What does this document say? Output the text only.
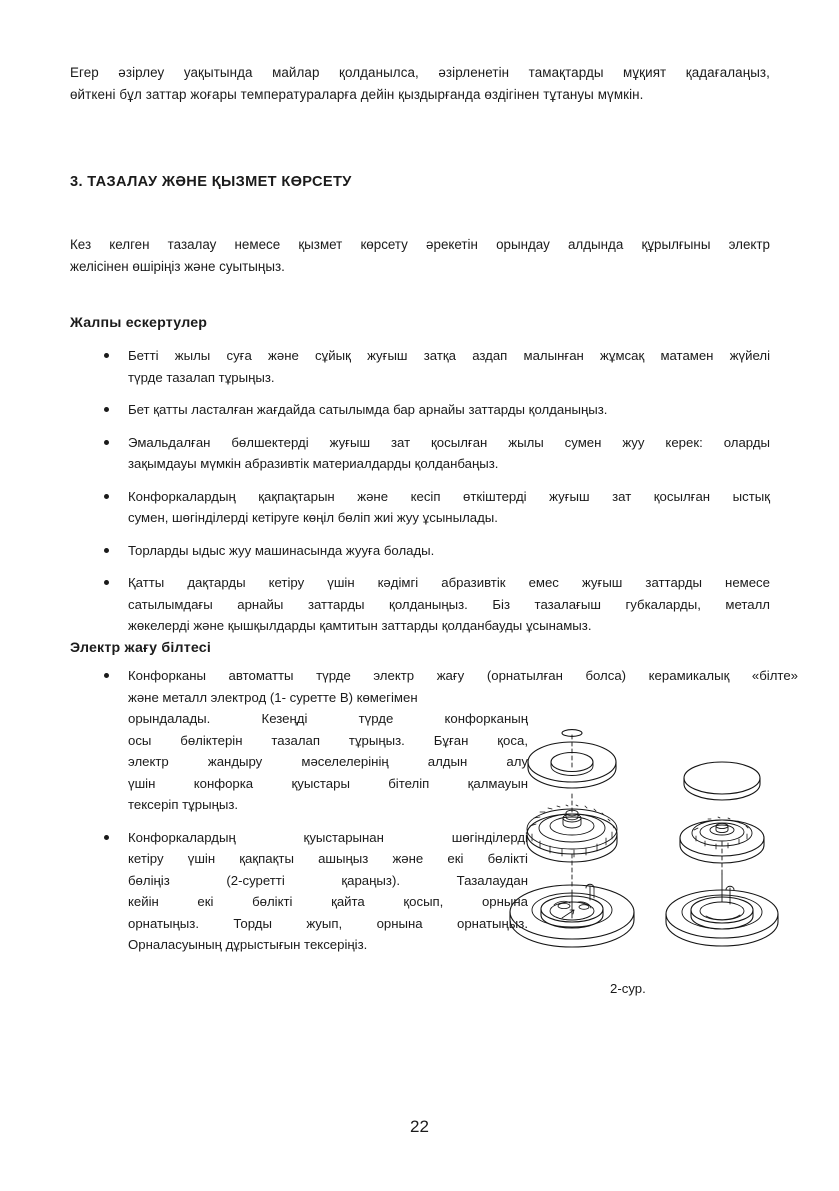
Егер әзірлеу уақытында майлар қолданылса, әзірленетін тамақтарды мұқият қадағалаңыз,
өйткені бұл заттар жоғары температураларға дейін қыздырғанда өздігінен тұтануы мүмкін.
3. ТАЗАЛАУ ЖӘНЕ ҚЫЗМЕТ КӨРСЕТУ
Кез келген тазалау немесе қызмет көрсету әрекетін орындау алдында құрылғыны электр
желісінен өшіріңіз және суытыңыз.
Жалпы ескертулер
Бетті жылы суға және сұйық жуғыш затқа аздап малынған жұмсақ матамен жүйелі
түрде тазалап тұрыңыз.
Бет қатты ласталған жағдайда сатылымда бар арнайы заттарды қолданыңыз.
Эмальдалған бөлшектерді жуғыш зат қосылған жылы сумен жуу керек: оларды
зақымдауы мүмкін абразивтік материалдарды қолданбаңыз.
Конфоркалардың қақпақтарын және кесіп өткіштерді жуғыш зат қосылған ыстық
сумен, шөгінділерді кетіруге көңіл бөліп жиі жуу ұсынылады.
Торларды ыдыс жуу машинасында жууға болады.
Қатты дақтарды кетіру үшін кәдімгі абразивтік емес жуғыш заттарды немесе
сатылымдағы арнайы заттарды қолданыңыз. Біз тазалағыш губкаларды, металл
жөкелерді және қышқылдарды қамтитын заттарды қолданбауды ұсынамыз.
Электр жағу білтесі
Конфорканы автоматты түрде электр жағу (орнатылған болса) керамикалық «білте»
және металл электрод (1- суретте В) көмегімен
орындалады. Кезеңді түрде конфорканың
осы бөліктерін тазалап тұрыңыз. Бұған қоса,
электр жандыру мәселелерінің алдын алу
үшін конфорка қуыстары бітеліп қалмауын
тексеріп тұрыңыз.
Конфоркалардың қуыстарынан шөгінділерді
кетіру үшін қақпақты ашыңыз және екі бөлікті
бөліңіз (2-суретті қараңыз). Тазалаудан
кейін екі бөлікті қайта қосып, орнына
орнатыңыз. Торды жуып, орнына орнатыңыз.
Орналасуының дұрыстығын тексеріңіз.
2-сур.
22
